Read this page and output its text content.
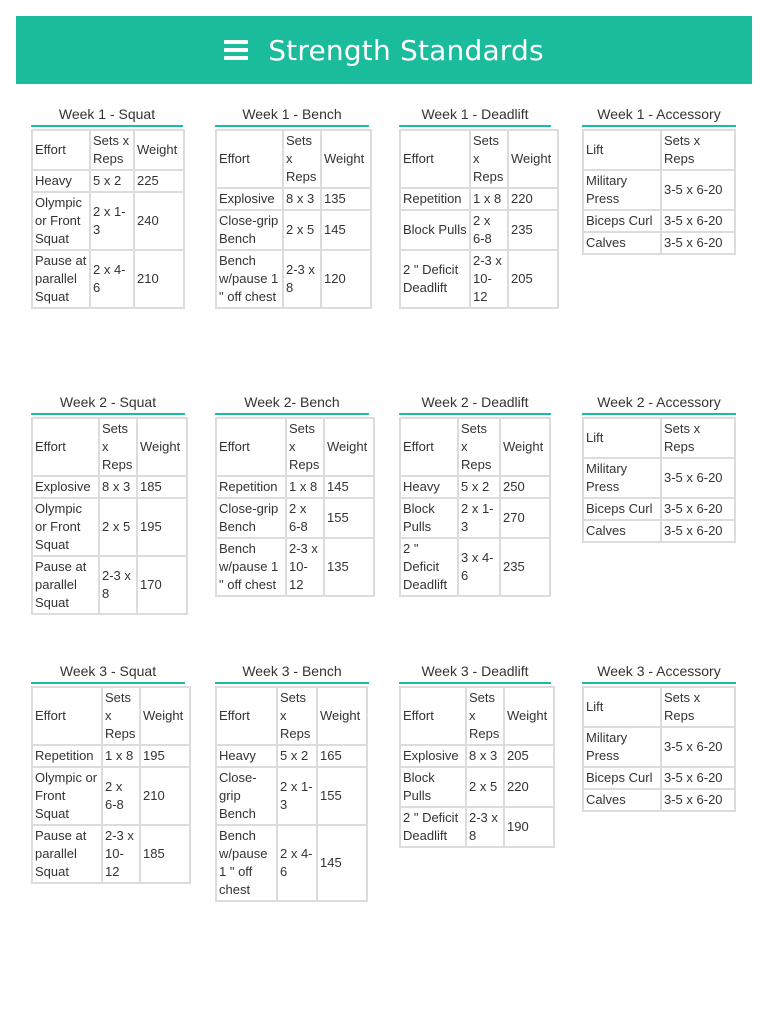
Strength Standards
Week 1 - Squat
Effort	Sets x Reps	Weight
Heavy	5 x 2	225
Olympic or Front Squat	2 x 1-3	240
Pause at parallel Squat	2 x 4-6	210
Week 1 - Bench
Effort	Sets x Reps	Weight
Explosive	8 x 3	135
Close-grip Bench	2 x 5	145
Bench w/pause 1 " off chest	2-3 x 8	120
Week 1 - Deadlift
Effort	Sets x Reps	Weight
Repetition	1 x 8	220
Block Pulls	2 x 6-8	235
2 " Deficit Deadlift	2-3 x 10-12	205
Week 1 - Accessory
Lift	Sets x Reps
Military Press	3-5 x 6-20
Biceps Curl	3-5 x 6-20
Calves	3-5 x 6-20
Week 2 - Squat
Effort	Sets x Reps	Weight
Explosive	8 x 3	185
Olympic or Front Squat	2 x 5	195
Pause at parallel Squat	2-3 x 8	170
Week 2- Bench
Effort	Sets x Reps	Weight
Repetition	1 x 8	145
Close-grip Bench	2 x 6-8	155
Bench w/pause 1 " off chest	2-3 x 10-12	135
Week 2 - Deadlift
Effort	Sets x Reps	Weight
Heavy	5 x 2	250
Block Pulls	2 x 1-3	270
2 " Deficit Deadlift	3 x 4-6	235
Week 2 - Accessory
Lift	Sets x Reps
Military Press	3-5 x 6-20
Biceps Curl	3-5 x 6-20
Calves	3-5 x 6-20
Week 3 - Squat
Effort	Sets x Reps	Weight
Repetition	1 x 8	195
Olympic or Front Squat	2 x 6-8	210
Pause at parallel Squat	2-3 x 10-12	185
Week 3 - Bench
Effort	Sets x Reps	Weight
Heavy	5 x 2	165
Close-grip Bench	2 x 1-3	155
Bench w/pause 1 " off chest	2 x 4-6	145
Week 3 - Deadlift
Effort	Sets x Reps	Weight
Explosive	8 x 3	205
Block Pulls	2 x 5	220
2 " Deficit Deadlift	2-3 x 8	190
Week 3 - Accessory
Lift	Sets x Reps
Military Press	3-5 x 6-20
Biceps Curl	3-5 x 6-20
Calves	3-5 x 6-20
